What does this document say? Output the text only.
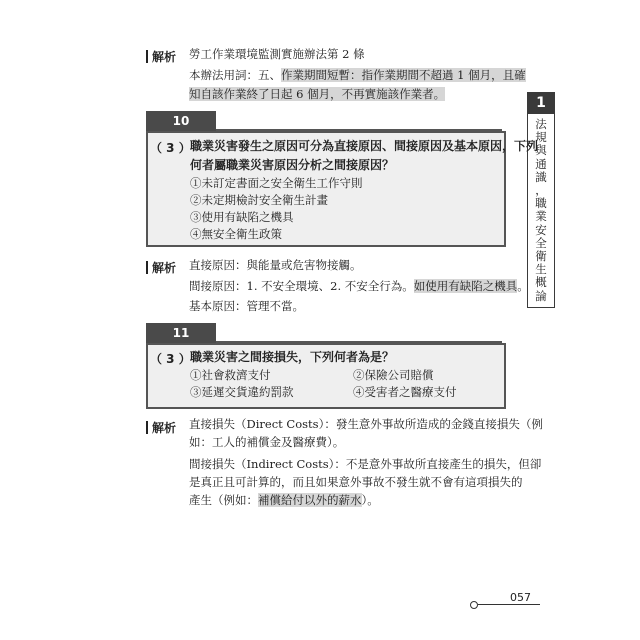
1
法
規
與
通
識
，
職
業
安
全
衛
生
概
論
解析 勞工作業環境監測實施辦法第 2 條
本辦法用詞：五、作業期間短暫：指作業期間不超過 1 個月，且確
知自該作業終了日起 6 個月，不再實施該作業者。
10
（ 3 ） 職業災害發生之原因可分為直接原因、間接原因及基本原因，下列
何者屬職業災害原因分析之間接原因？
①未訂定書面之安全衛生工作守則
②未定期檢討安全衛生計畫
③使用有缺陷之機具
④無安全衛生政策
解析 直接原因：與能量或危害物接觸。
間接原因：1. 不安全環境、2. 不安全行為。如使用有缺陷之機具。
基本原因：管理不當。
11
（ 3 ） 職業災害之間接損失，下列何者為是？
①社會救濟支付	②保險公司賠償
③延遲交貨違約罰款	④受害者之醫療支付
解析 直接損失（Direct Costs）：發生意外事故所造成的金錢直接損失（例
如：工人的補償金及醫療費）。
間接損失（Indirect Costs）：不是意外事故所直接產生的損失，但卻
是真正且可計算的，而且如果意外事故不發生就不會有這項損失的
產生（例如：補償給付以外的薪水）。
057
